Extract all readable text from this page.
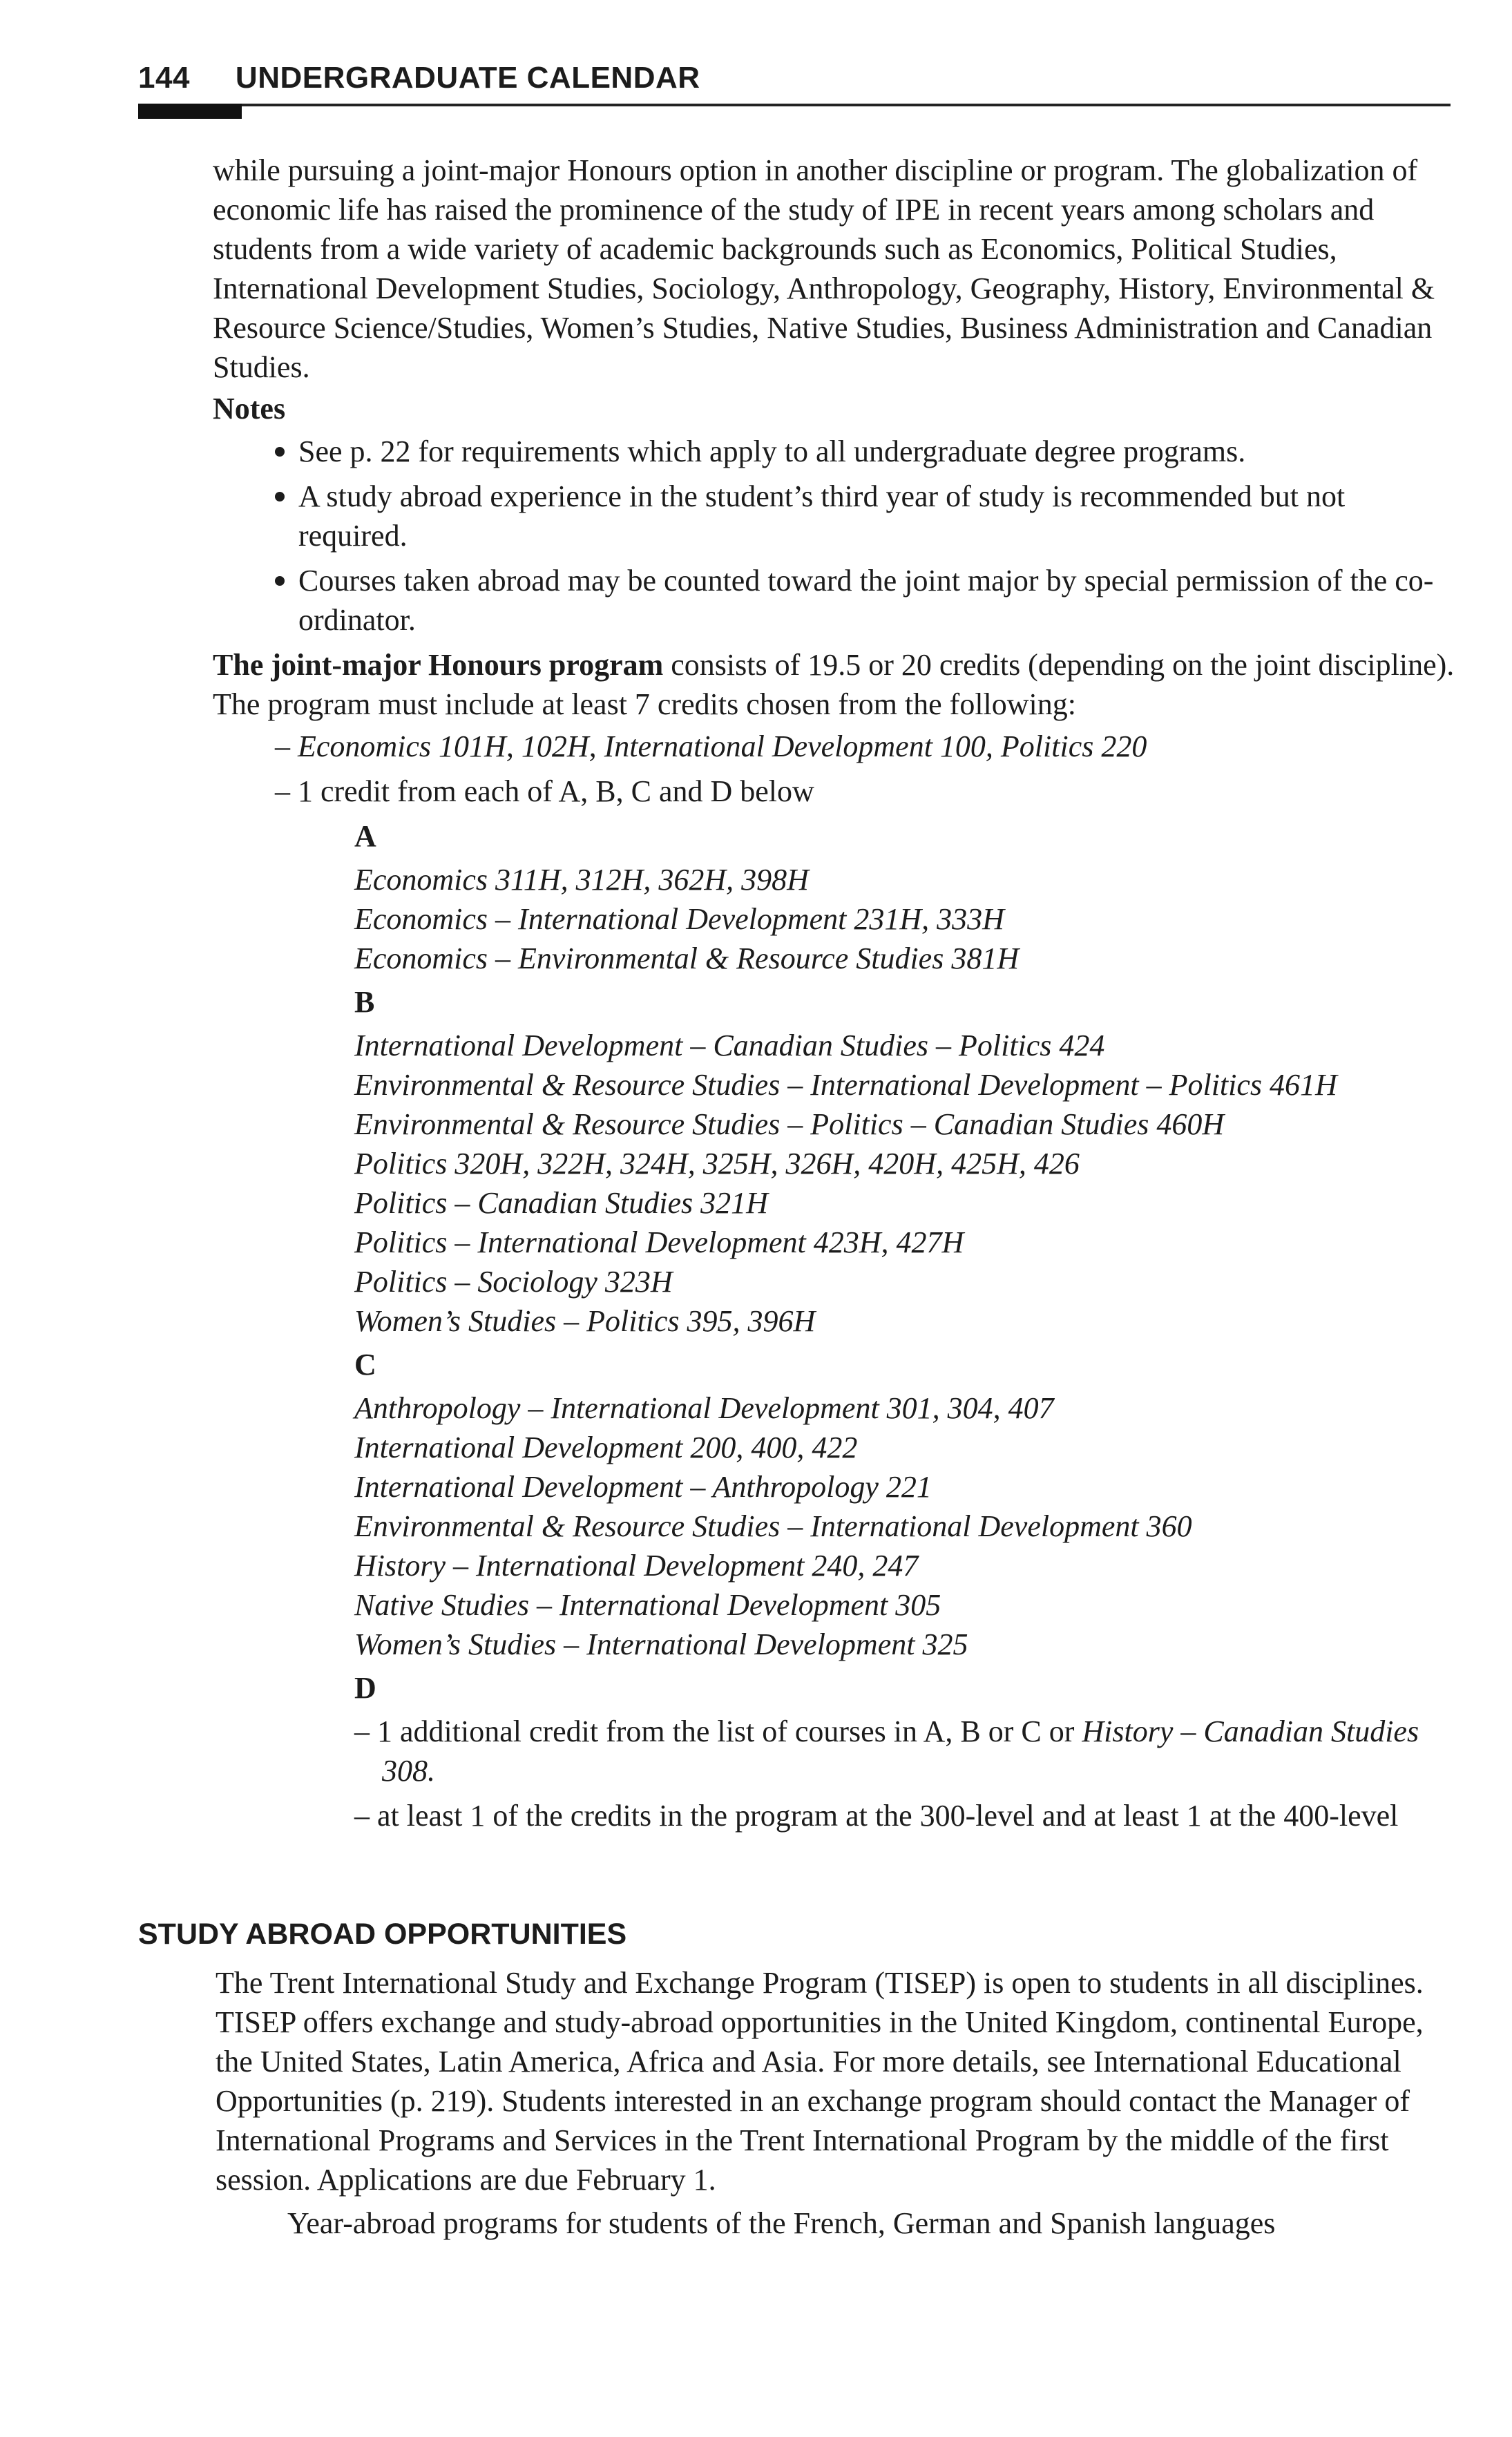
144 UNDERGRADUATE CALENDAR

while pursuing a joint-major Honours option in another discipline or program. The globalization of economic life has raised the prominence of the study of IPE in recent years among scholars and students from a wide variety of academic backgrounds such as Economics, Political Studies, International Development Studies, Sociology, Anthropology, Geography, History, Environmental & Resource Science/Studies, Women’s Studies, Native Studies, Business Administration and Canadian Studies.

Notes

See p. 22 for requirements which apply to all undergraduate degree programs.
A study abroad experience in the student’s third year of study is recommended but not required.
Courses taken abroad may be counted toward the joint major by special permission of the co-ordinator.

The joint-major Honours program consists of 19.5 or 20 credits (depending on the joint discipline). The program must include at least 7 credits chosen from the following:

– Economics 101H, 102H, International Development 100, Politics 220
– 1 credit from each of A, B, C and D below

A

Economics 311H, 312H, 362H, 398H

Economics – International Development 231H, 333H

Economics – Environmental & Resource Studies 381H

B

International Development – Canadian Studies – Politics 424

Environmental & Resource Studies – International Development – Politics 461H

Environmental & Resource Studies – Politics – Canadian Studies 460H

Politics 320H, 322H, 324H, 325H, 326H, 420H, 425H, 426

Politics – Canadian Studies 321H

Politics – International Development 423H, 427H

Politics – Sociology 323H

Women’s Studies – Politics 395, 396H

C

Anthropology – International Development 301, 304, 407

International Development 200, 400, 422

International Development – Anthropology 221

Environmental & Resource Studies – International Development 360

History – International Development 240, 247

Native Studies – International Development 305

Women’s Studies – International Development 325

D

– 1 additional credit from the list of courses in A, B or C or History – Canadian Studies 308.
– at least 1 of the credits in the program at the 300-level and at least 1 at the 400-level
STUDY ABROAD OPPORTUNITIES

The Trent International Study and Exchange Program (TISEP) is open to students in all disciplines. TISEP offers exchange and study-abroad opportunities in the United Kingdom, continental Europe, the United States, Latin America, Africa and Asia. For more details, see International Educational Opportunities (p. 219). Students interested in an exchange program should contact the Manager of International Programs and Services in the Trent International Program by the middle of the first session. Applications are due February 1.

Year-abroad programs for students of the French, German and Spanish languages
